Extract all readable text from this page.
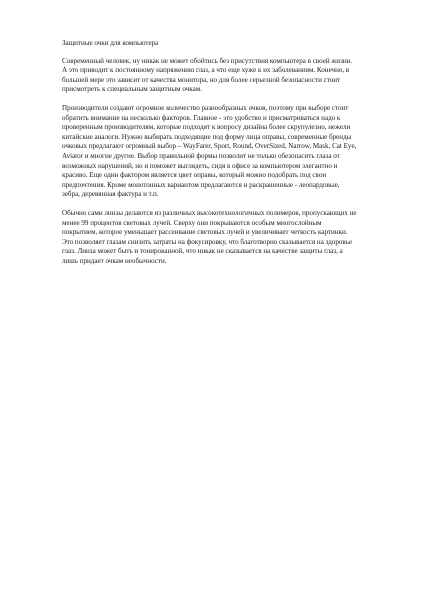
Защитные очки для компьютера

Современный человек, ну никак не может обойтись без присутствия компьютера в своей жизни. А это приводит к постоянному напряжению глаз, а что еще хуже к их заболеваниям. Конечно, в большей мере это зависит от качества монитора, но для более серьезной безопасности стоит присмотреть к специальным защитным очкам.

Производители создают огромное количество разнообразных очков, поэтому при выборе стоит обратить внимание на несколько факторов. Главное - это удобство и присматриваться надо к проверенным производителям, которые подходят к вопросу дизайна более скрупулезно, нежели китайские аналоги. Нужно выбирать подходящие под форму лица оправы, современные бренды очковых предлагают огромный выбор – WayFarer, Sport, Round, OverSized, Narrow, Mask, Cat Eye, Aviator и многие другие. Выбор правильной формы позволит не только обезопасить глаза от возможных нарушений, но и поможет выглядеть, сидя в офисе за компьютером элегантно и красиво. Еще один фактором является цвет оправы, который можно подобрать под свои предпочтения. Кроме монотонных вариантом предлагаются и раскрашенные - леопардовые, зебра, деревянная фактура и т.п.

Обычно сами линзы делаются из различных высокотехнологичных полимеров, пропускающих не менее 99 процентов световых лучей. Сверху они покрываются особым многослойным покрытием, которое уменьшает рассеивание световых лучей и увеличивает четкость картинки. Это позволяет глазам снизить затраты на фокусировку, что благотворно сказывается на здоровье глаз. Линза может быть и тонированной, что никак не сказывается на качестве защиты глаз, а лишь придает очкам необычности.
